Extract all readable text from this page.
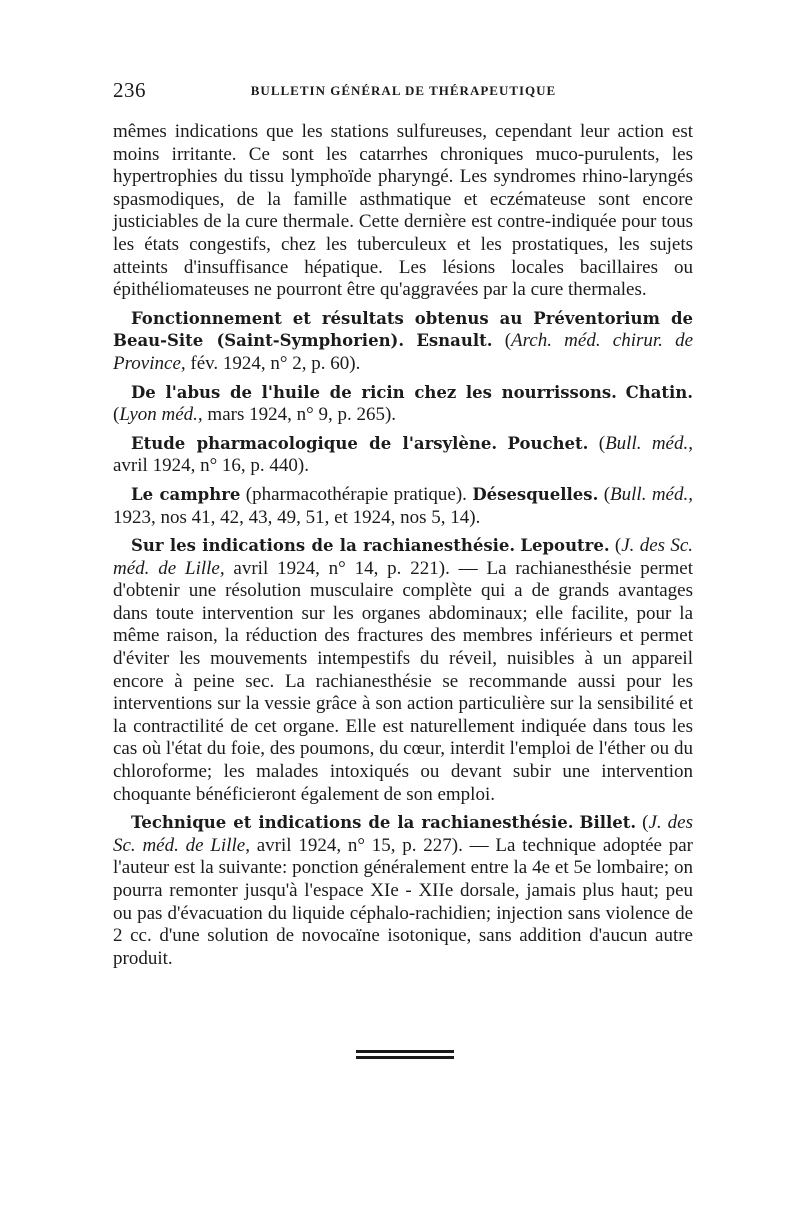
236	BULLETIN GÉNÉRAL DE THÉRAPEUTIQUE

mêmes indications que les stations sulfureuses, cependant leur action est moins irritante. Ce sont les catarrhes chroniques muco-purulents, les hypertrophies du tissu lymphoïde pharyngé. Les syndromes rhino-laryngés spasmodiques, de la famille asthmatique et eczémateuse sont encore justiciables de la cure thermale. Cette dernière est contre-indiquée pour tous les états congestifs, chez les tuberculeux et les prostatiques, les sujets atteints d'insuffisance hépatique. Les lésions locales bacillaires ou épithéliomateuses ne pourront être qu'aggravées par la cure thermales.

Fonctionnement et résultats obtenus au Préventorium de Beau-Site (Saint-Symphorien). Esnault. (Arch. méd. chirur. de Province, fév. 1924, n° 2, p. 60).

De l'abus de l'huile de ricin chez les nourrissons. Chatin. (Lyon méd., mars 1924, n° 9, p. 265).

Etude pharmacologique de l'arsylène. Pouchet. (Bull. méd., avril 1924, n° 16, p. 440).

Le camphre (pharmacothérapie pratique). Désesquelles. (Bull. méd., 1923, nos 41, 42, 43, 49, 51, et 1924, nos 5, 14).

Sur les indications de la rachianesthésie. Lepoutre. (J. des Sc. méd. de Lille, avril 1924, n° 14, p. 221). — La rachianesthésie permet d'obtenir une résolution musculaire complète qui a de grands avantages dans toute intervention sur les organes abdominaux; elle facilite, pour la même raison, la réduction des fractures des membres inférieurs et permet d'éviter les mouvements intempestifs du réveil, nuisibles à un appareil encore à peine sec. La rachianesthésie se recommande aussi pour les interventions sur la vessie grâce à son action particulière sur la sensibilité et la contractilité de cet organe. Elle est naturellement indiquée dans tous les cas où l'état du foie, des poumons, du cœur, interdit l'emploi de l'éther ou du chloroforme; les malades intoxiqués ou devant subir une intervention choquante bénéficieront également de son emploi.

Technique et indications de la rachianesthésie. Billet. (J. des Sc. méd. de Lille, avril 1924, n° 15, p. 227). — La technique adoptée par l'auteur est la suivante: ponction généralement entre la 4e et 5e lombaire; on pourra remonter jusqu'à l'espace XIe - XIIe dorsale, jamais plus haut; peu ou pas d'évacuation du liquide céphalo-rachidien; injection sans violence de 2 cc. d'une solution de novocaïne isotonique, sans addition d'aucun autre produit.
